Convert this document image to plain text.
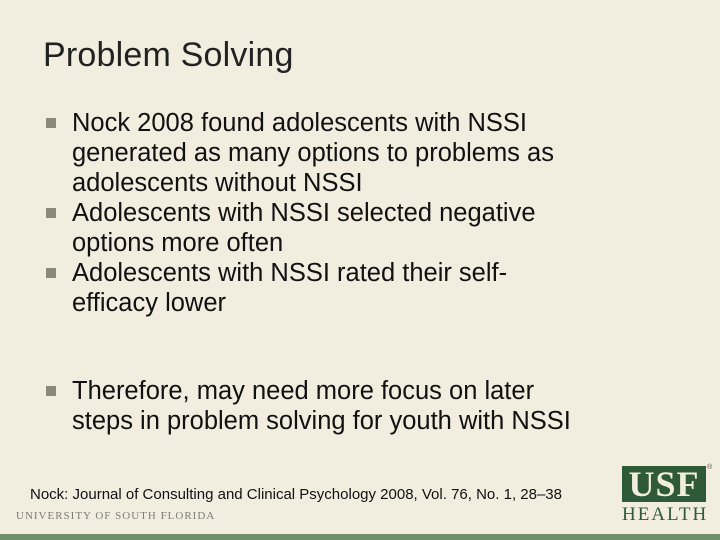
Problem Solving
Nock 2008 found adolescents with NSSI
generated as many options to problems as
adolescents without NSSI
Adolescents with NSSI selected negative
options more often
Adolescents with NSSI rated their self-
efficacy lower
Therefore, may need more focus on later
steps in problem solving for youth with NSSI
Nock: Journal of Consulting and Clinical Psychology 2008, Vol. 76, No. 1, 28–38
UNIVERSITY OF SOUTH FLORIDA
USF
HEALTH
®
